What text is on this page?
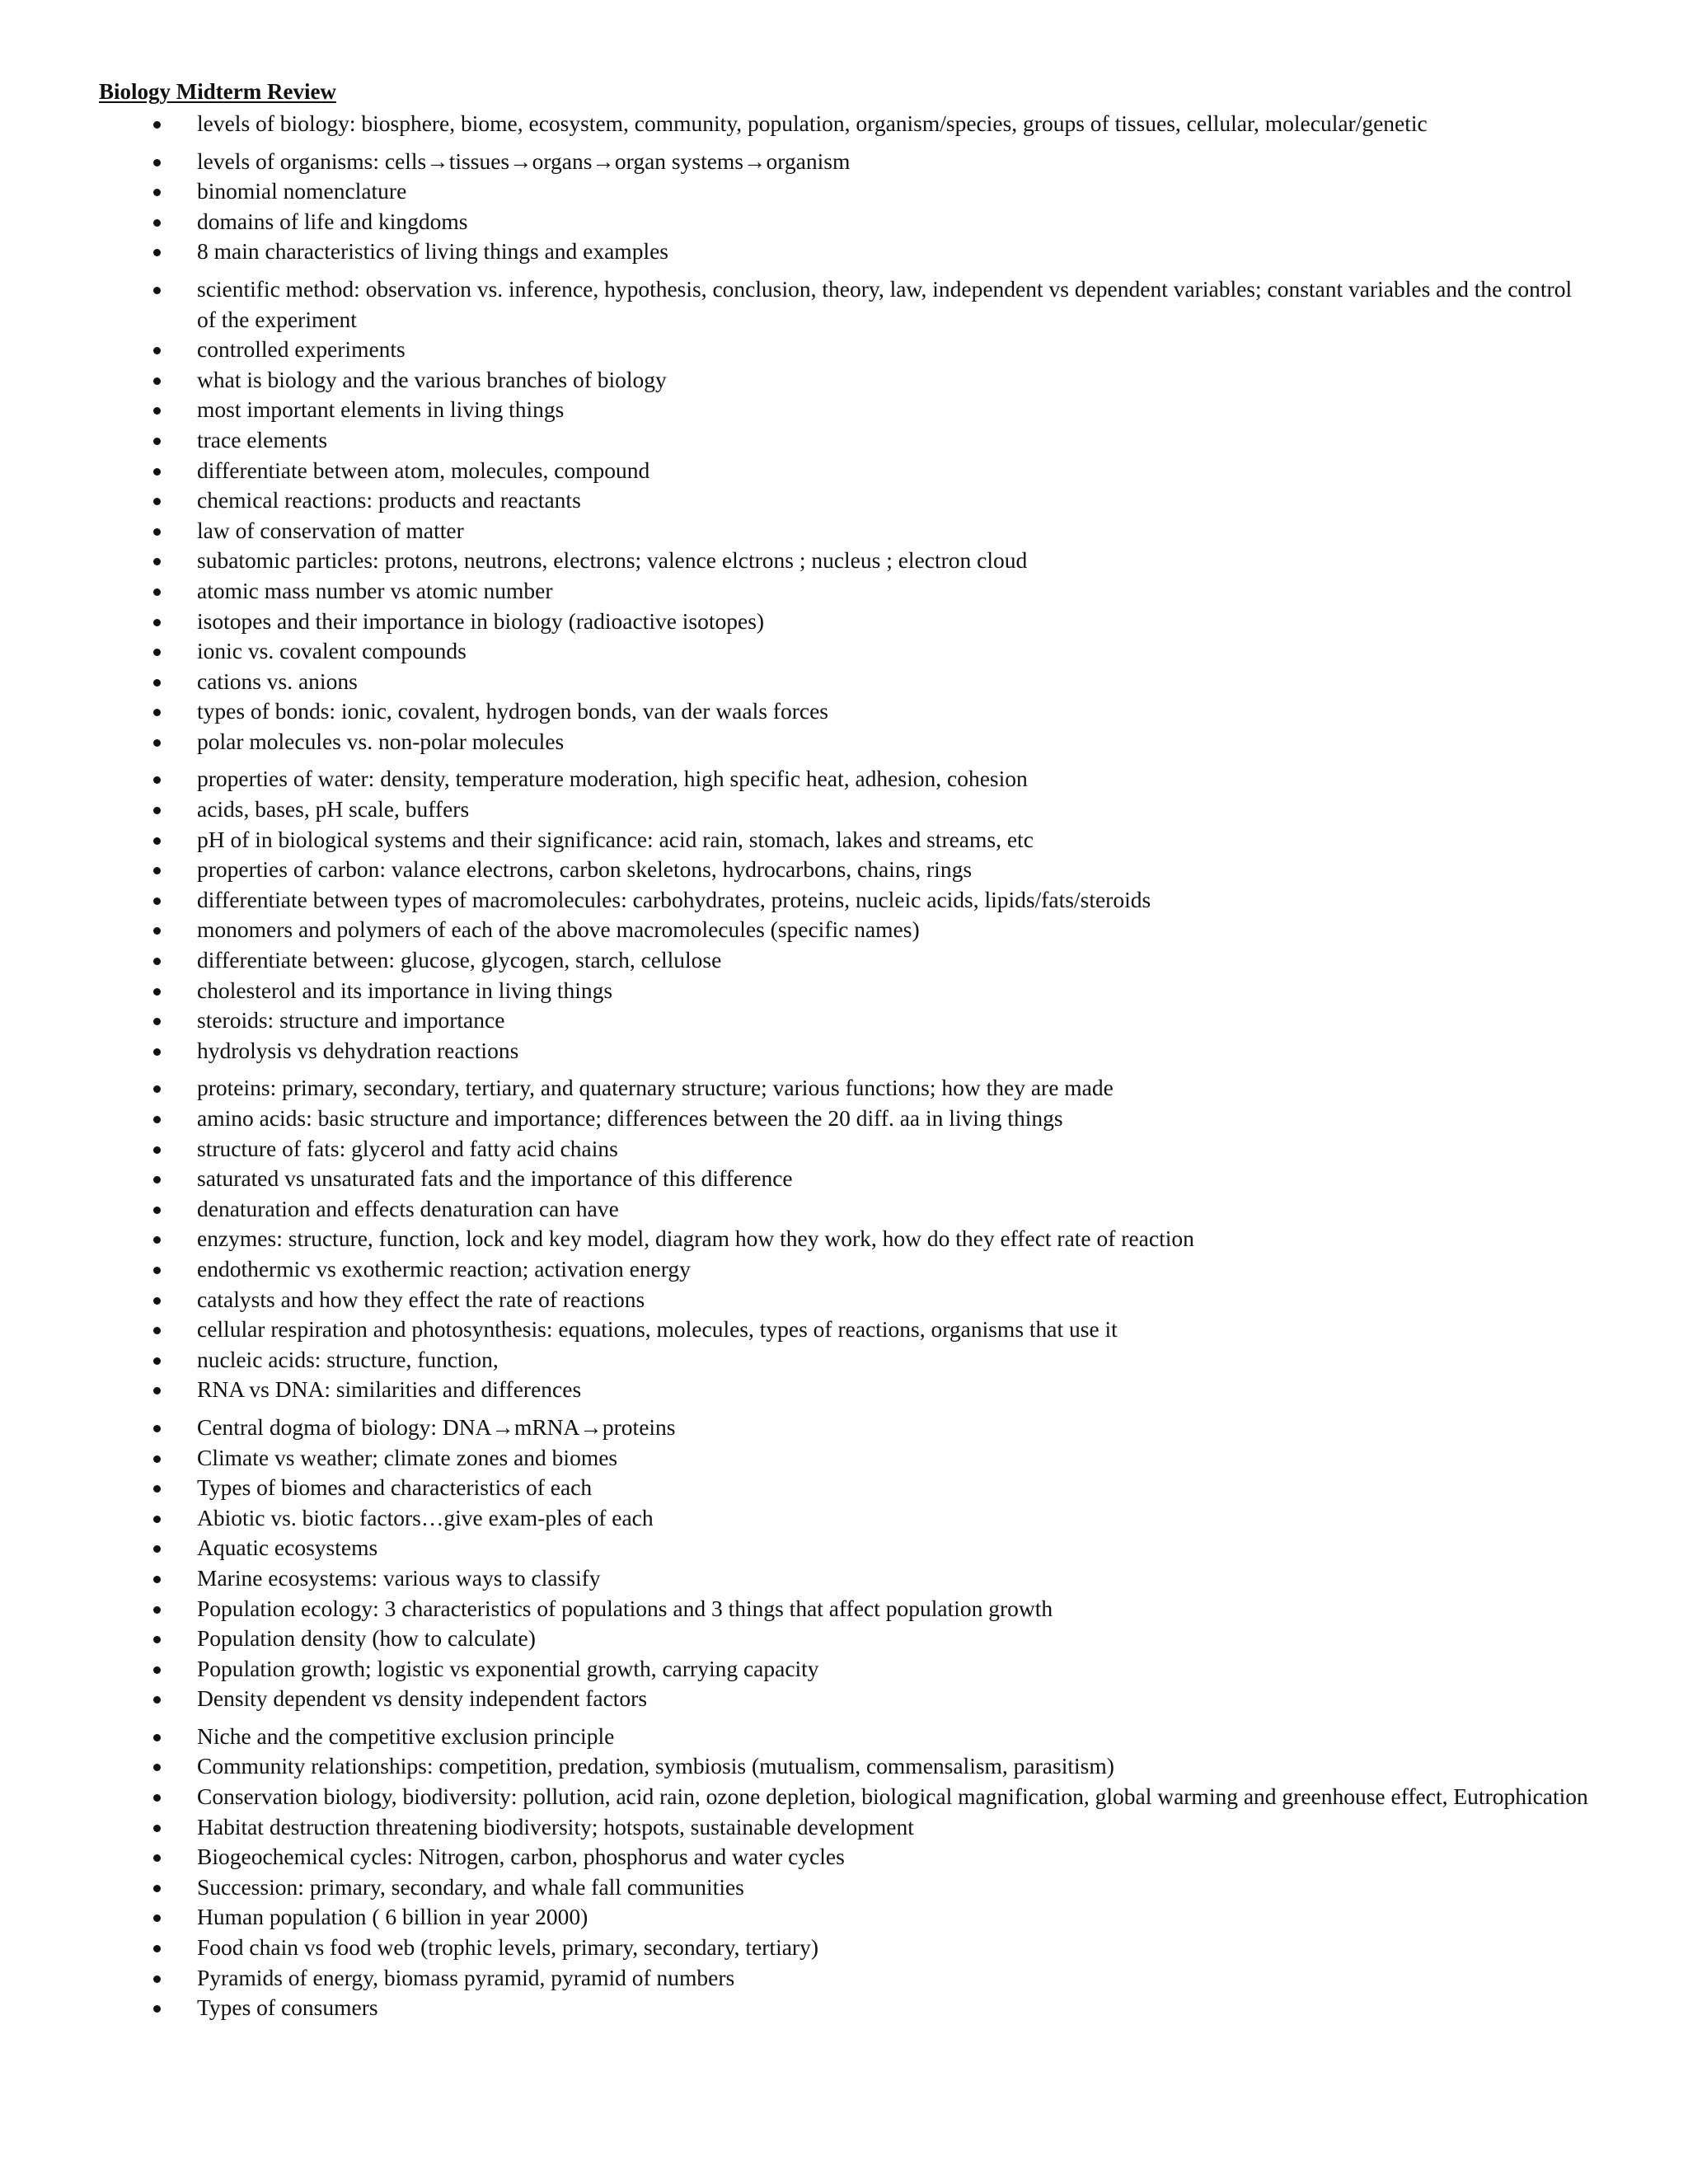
Biology Midterm Review
levels of biology: biosphere, biome, ecosystem, community, population, organism/species, groups of tissues, cellular, molecular/genetic
levels of organisms: cells→tissues→organs→organ systems→organism
binomial nomenclature
domains of life and kingdoms
8 main characteristics of living things and examples
scientific method: observation vs. inference, hypothesis, conclusion, theory, law, independent vs dependent variables; constant variables and the control of the experiment
controlled experiments
what is biology and the various branches of biology
most important elements in living things
trace elements
differentiate between atom, molecules, compound
chemical reactions: products and reactants
law of conservation of matter
subatomic particles: protons, neutrons, electrons; valence elctrons ; nucleus ; electron cloud
atomic mass number vs atomic number
isotopes and their importance in biology (radioactive isotopes)
ionic vs. covalent compounds
cations vs. anions
types of bonds: ionic, covalent, hydrogen bonds, van der waals forces
polar molecules vs. non-polar molecules
properties of water: density, temperature moderation, high specific heat, adhesion, cohesion
acids, bases, pH scale, buffers
pH of in biological systems and their significance: acid rain, stomach, lakes and streams, etc
properties of carbon: valance electrons, carbon skeletons, hydrocarbons, chains, rings
differentiate between types of macromolecules: carbohydrates, proteins, nucleic acids, lipids/fats/steroids
monomers and polymers of each of the above macromolecules (specific names)
differentiate between: glucose, glycogen, starch, cellulose
cholesterol and its importance in living things
steroids: structure and importance
hydrolysis vs dehydration reactions
proteins: primary, secondary, tertiary, and quaternary structure; various functions; how they are made
amino acids: basic structure and importance; differences between the 20 diff. aa in living things
structure of fats: glycerol and fatty acid chains
saturated vs unsaturated fats and the importance of this difference
denaturation and effects denaturation can have
enzymes: structure, function, lock and key model, diagram how they work, how do they effect rate of reaction
endothermic vs exothermic reaction; activation energy
catalysts and how they effect the rate of reactions
cellular respiration and photosynthesis: equations, molecules, types of reactions, organisms that use it
nucleic acids: structure, function,
RNA vs DNA: similarities and differences
Central dogma of biology: DNA→mRNA→proteins
Climate vs weather; climate zones and biomes
Types of biomes and characteristics of each
Abiotic vs. biotic factors…give exam-ples of each
Aquatic ecosystems
Marine ecosystems: various ways to classify
Population ecology: 3 characteristics of populations and 3 things that affect population growth
Population density (how to calculate)
Population growth; logistic vs exponential growth, carrying capacity
Density dependent vs density independent factors
Niche and the competitive exclusion principle
Community relationships: competition, predation, symbiosis (mutualism, commensalism, parasitism)
Conservation biology, biodiversity: pollution, acid rain, ozone depletion, biological magnification, global warming and greenhouse effect, Eutrophication
Habitat destruction threatening biodiversity; hotspots, sustainable development
Biogeochemical cycles: Nitrogen, carbon, phosphorus and water cycles
Succession: primary, secondary, and whale fall communities
Human population ( 6 billion in year 2000)
Food chain vs food web (trophic levels, primary, secondary, tertiary)
Pyramids of energy, biomass pyramid, pyramid of numbers
Types of consumers
